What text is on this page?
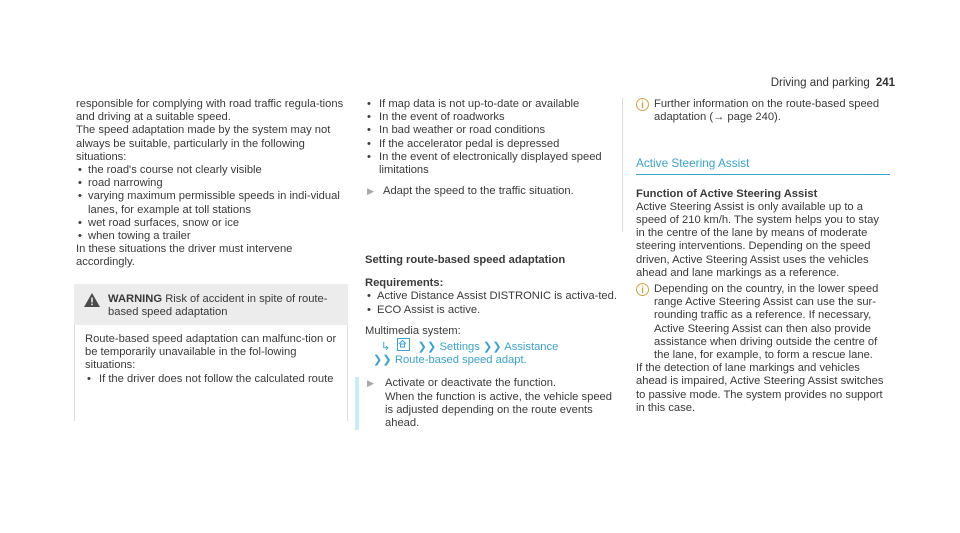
Driving and parking 241

responsible for complying with road traffic regula-tions and driving at a suitable speed.

The speed adaptation made by the system may not always be suitable, particularly in the following situations:

• the road's course not clearly visible
• road narrowing
• varying maximum permissible speeds in indi-vidual lanes, for example at toll stations
• wet road surfaces, snow or ice
• when towing a trailer

In these situations the driver must intervene accordingly.

WARNING Risk of accident in spite of route-based speed adaptation

Route-based speed adaptation can malfunc-tion or be temporarily unavailable in the fol-lowing situations:

• If the driver does not follow the calculated route
• If map data is not up-to-date or available
• In the event of roadworks
• In bad weather or road conditions
• If the accelerator pedal is depressed
• In the event of electronically displayed speed limitations

▶ Adapt the speed to the traffic situation.

Setting route-based speed adaptation

Requirements:

• Active Distance Assist DISTRONIC is activa-ted.
• ECO Assist is active.

Multimedia system:

↳ ❯❯ Settings ❯❯ Assistance
❯❯ Route-based speed adapt.
▶ Activate or deactivate the function.

When the function is active, the vehicle speed is adjusted depending on the route events ahead.

i Further information on the route-based speed adaptation (→ page 240).
Active Steering Assist

Function of Active Steering Assist

Active Steering Assist is only available up to a speed of 210 km/h. The system helps you to stay in the centre of the lane by means of moderate steering interventions. Depending on the speed driven, Active Steering Assist uses the vehicles ahead and lane markings as a reference.

i Depending on the country, in the lower speed range Active Steering Assist can use the sur-rounding traffic as a reference. If necessary, Active Steering Assist can then also provide assistance when driving outside the centre of the lane, for example, to form a rescue lane.

If the detection of lane markings and vehicles ahead is impaired, Active Steering Assist switches to passive mode. The system provides no support in this case.
